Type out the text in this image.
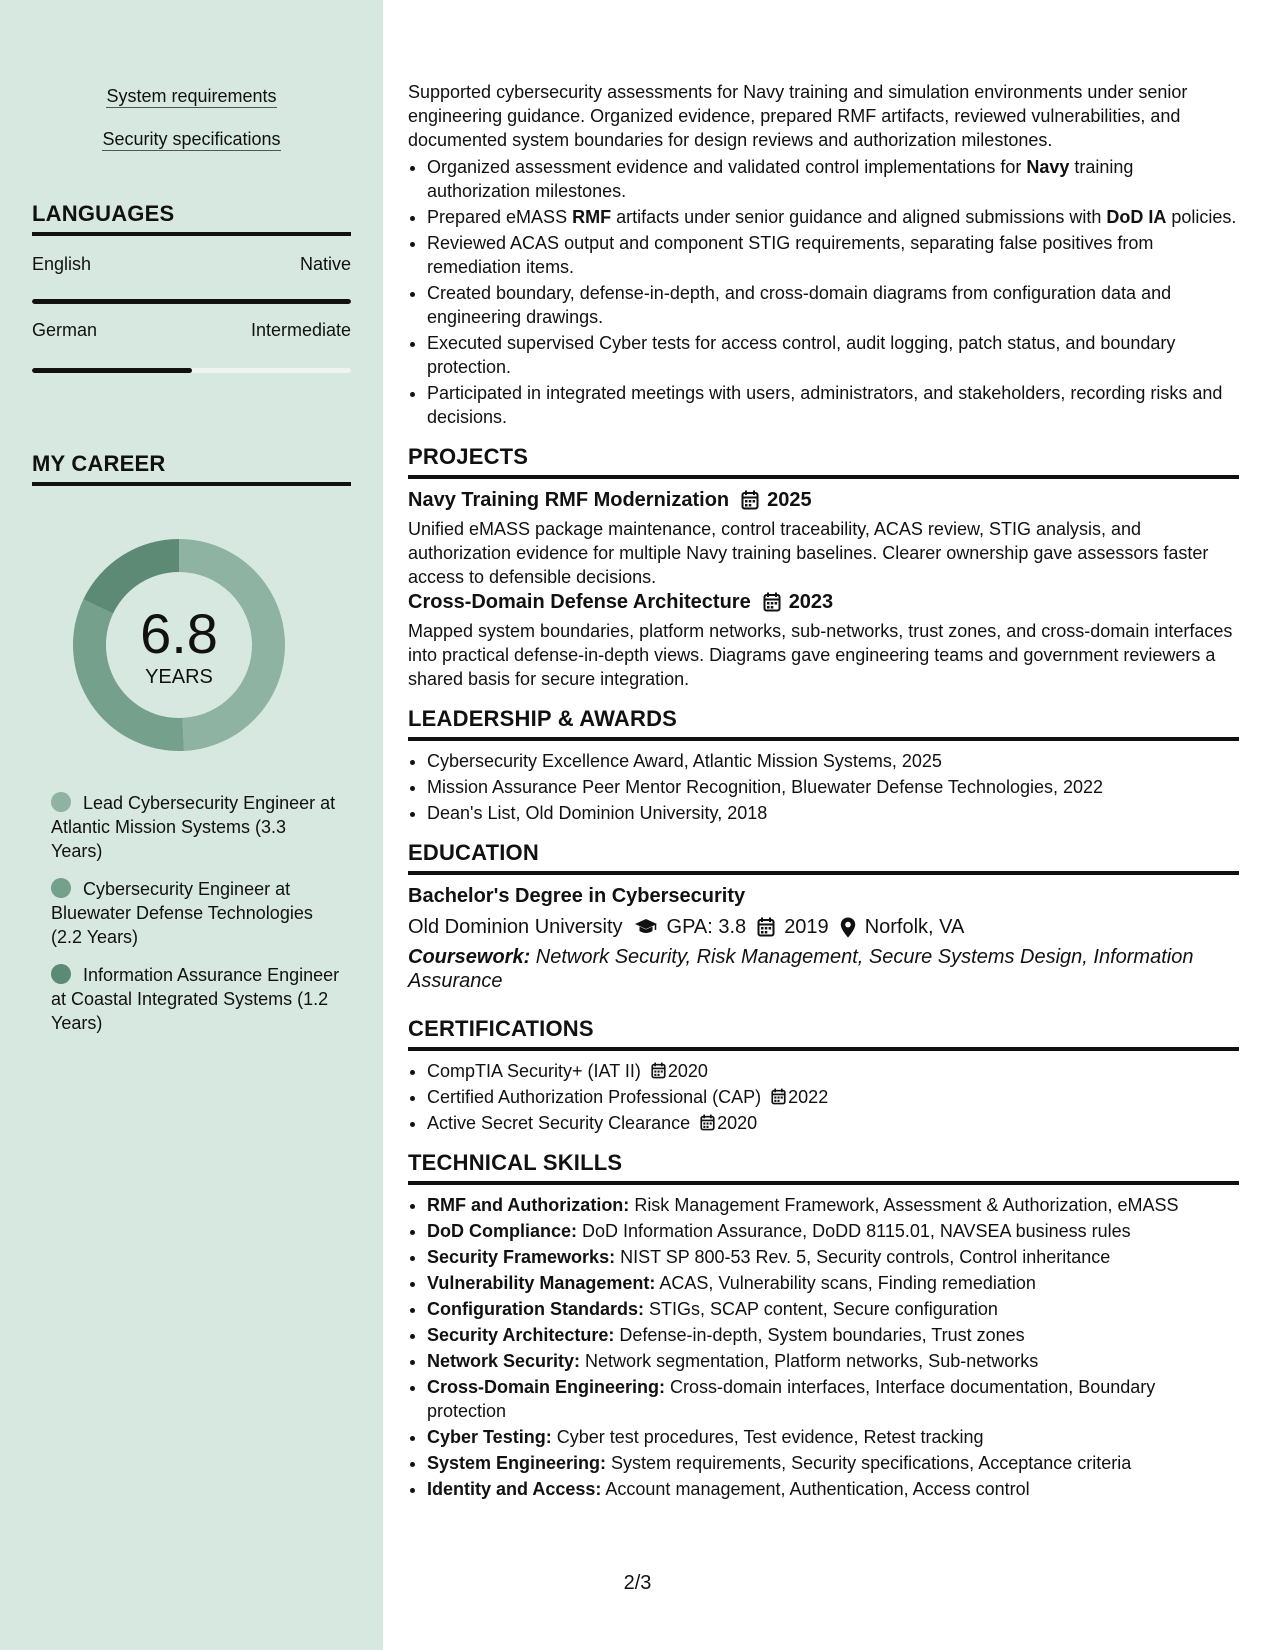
System requirements
Security specifications
LANGUAGES
English	Native
German	Intermediate
MY CAREER
6.8
YEARS
Lead Cybersecurity Engineer at Atlantic Mission Systems (3.3 Years)
Cybersecurity Engineer at Bluewater Defense Technologies (2.2 Years)
Information Assurance Engineer at Coastal Integrated Systems (1.2 Years)

Supported cybersecurity assessments for Navy training and simulation environments under senior engineering guidance. Organized evidence, prepared RMF artifacts, reviewed vulnerabilities, and documented system boundaries for design reviews and authorization milestones.

• Organized assessment evidence and validated control implementations for Navy training authorization milestones.
• Prepared eMASS RMF artifacts under senior guidance and aligned submissions with DoD IA policies.
• Reviewed ACAS output and component STIG requirements, separating false positives from remediation items.
• Created boundary, defense-in-depth, and cross-domain diagrams from configuration data and engineering drawings.
• Executed supervised Cyber tests for access control, audit logging, patch status, and boundary protection.
• Participated in integrated meetings with users, administrators, and stakeholders, recording risks and decisions.
PROJECTS
Navy Training RMF Modernization 2025

Unified eMASS package maintenance, control traceability, ACAS review, STIG analysis, and authorization evidence for multiple Navy training baselines. Clearer ownership gave assessors faster access to defensible decisions.

Cross-Domain Defense Architecture 2023

Mapped system boundaries, platform networks, sub-networks, trust zones, and cross-domain interfaces into practical defense-in-depth views. Diagrams gave engineering teams and government reviewers a shared basis for secure integration.

LEADERSHIP & AWARDS
• Cybersecurity Excellence Award, Atlantic Mission Systems, 2025
• Mission Assurance Peer Mentor Recognition, Bluewater Defense Technologies, 2022
• Dean's List, Old Dominion University, 2018
EDUCATION
Bachelor's Degree in Cybersecurity
Old Dominion University GPA: 3.8 2019 Norfolk, VA
Coursework: Network Security, Risk Management, Secure Systems Design, Information Assurance
CERTIFICATIONS
• CompTIA Security+ (IAT II) 2020
• Certified Authorization Professional (CAP) 2022
• Active Secret Security Clearance 2020
TECHNICAL SKILLS
• RMF and Authorization: Risk Management Framework, Assessment & Authorization, eMASS
• DoD Compliance: DoD Information Assurance, DoDD 8115.01, NAVSEA business rules
• Security Frameworks: NIST SP 800-53 Rev. 5, Security controls, Control inheritance
• Vulnerability Management: ACAS, Vulnerability scans, Finding remediation
• Configuration Standards: STIGs, SCAP content, Secure configuration
• Security Architecture: Defense-in-depth, System boundaries, Trust zones
• Network Security: Network segmentation, Platform networks, Sub-networks
• Cross-Domain Engineering: Cross-domain interfaces, Interface documentation, Boundary protection
• Cyber Testing: Cyber test procedures, Test evidence, Retest tracking
• System Engineering: System requirements, Security specifications, Acceptance criteria
• Identity and Access: Account management, Authentication, Access control
2/3
